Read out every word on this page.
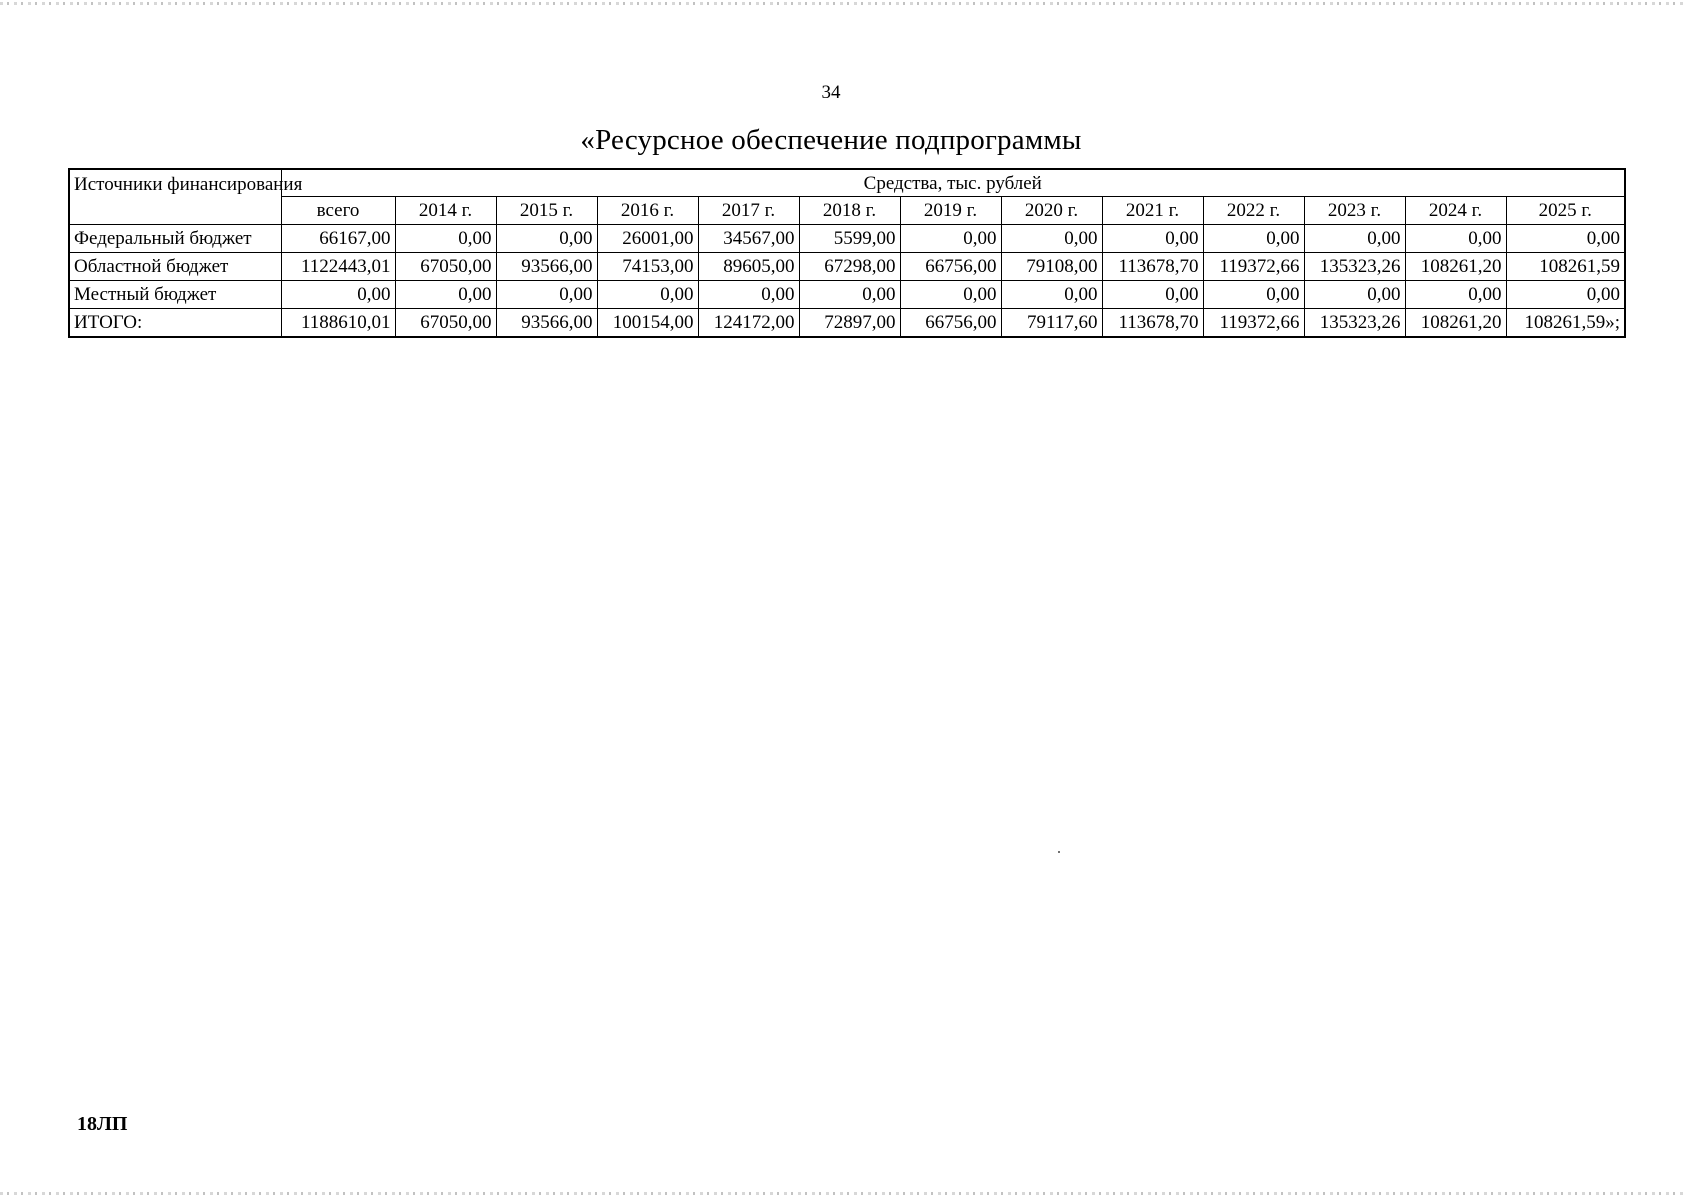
34
«Ресурсное обеспечение подпрограммы
Источники финансирования	Средства, тыс. рублей												
	всего	2014 г.	2015 г.	2016 г.	2017 г.	2018 г.	2019 г.	2020 г.	2021 г.	2022 г.	2023 г.	2024 г.	2025 г.
Федеральный бюджет	66167,00	0,00	0,00	26001,00	34567,00	5599,00	0,00	0,00	0,00	0,00	0,00	0,00	0,00
Областной бюджет	1122443,01	67050,00	93566,00	74153,00	89605,00	67298,00	66756,00	79108,00	113678,70	119372,66	135323,26	108261,20	108261,59
Местный бюджет	0,00	0,00	0,00	0,00	0,00	0,00	0,00	0,00	0,00	0,00	0,00	0,00	0,00
ИТОГО:	1188610,01	67050,00	93566,00	100154,00	124172,00	72897,00	66756,00	79117,60	113678,70	119372,66	135323,26	108261,20	108261,59»;
18ЛП
